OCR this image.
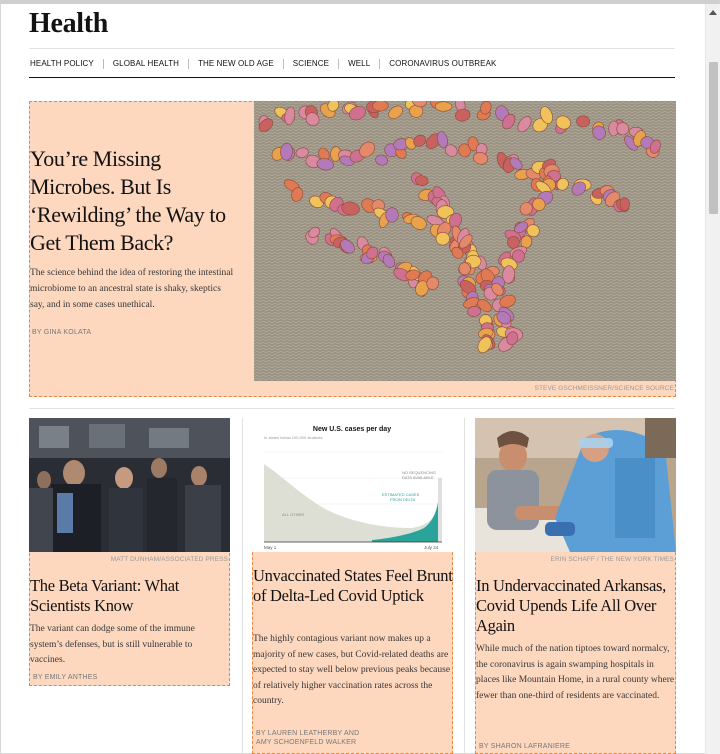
Health
HEALTH POLICY	GLOBAL HEALTH	THE NEW OLD AGE	SCIENCE	WELL	CORONAVIRUS OUTBREAK
You’re Missing Microbes. But Is ‘Rewilding’ the Way to Get Them Back?

The science behind the idea of restoring the intestinal microbiome to an ancestral state is shaky, skeptics say, and in some cases unethical.

BY GINA KOLATA
STEVE GSCHMEISSNER/SCIENCE SOURCE
MATT DUNHAM/ASSOCIATED PRESS
The Beta Variant: What Scientists Know

The variant can dodge some of the immune system’s defenses, but is still vulnerable to vaccines.

BY EMILY ANTHES
New U.S. cases per day
In states below 100,000 students
NO SEQUENCING
DATA AVAILABLE
ESTIMATED CASES
FROM DELTA
ALL OTHER
May 1	July 24
Unvaccinated States Feel Brunt of Delta-Led Covid Uptick

The highly contagious variant now makes up a majority of new cases, but Covid-related deaths are expected to stay well below previous peaks because of relatively higher vaccination rates across the country.

BY LAUREN LEATHERBY AND
AMY SCHOENFELD WALKER
ERIN SCHAFF / THE NEW YORK TIMES
In Undervaccinated Arkansas, Covid Upends Life All Over Again

While much of the nation tiptoes toward normalcy, the coronavirus is again swamping hospitals in places like Mountain Home, in a rural county where fewer than one-third of residents are vaccinated.

BY SHARON LAFRANIERE
